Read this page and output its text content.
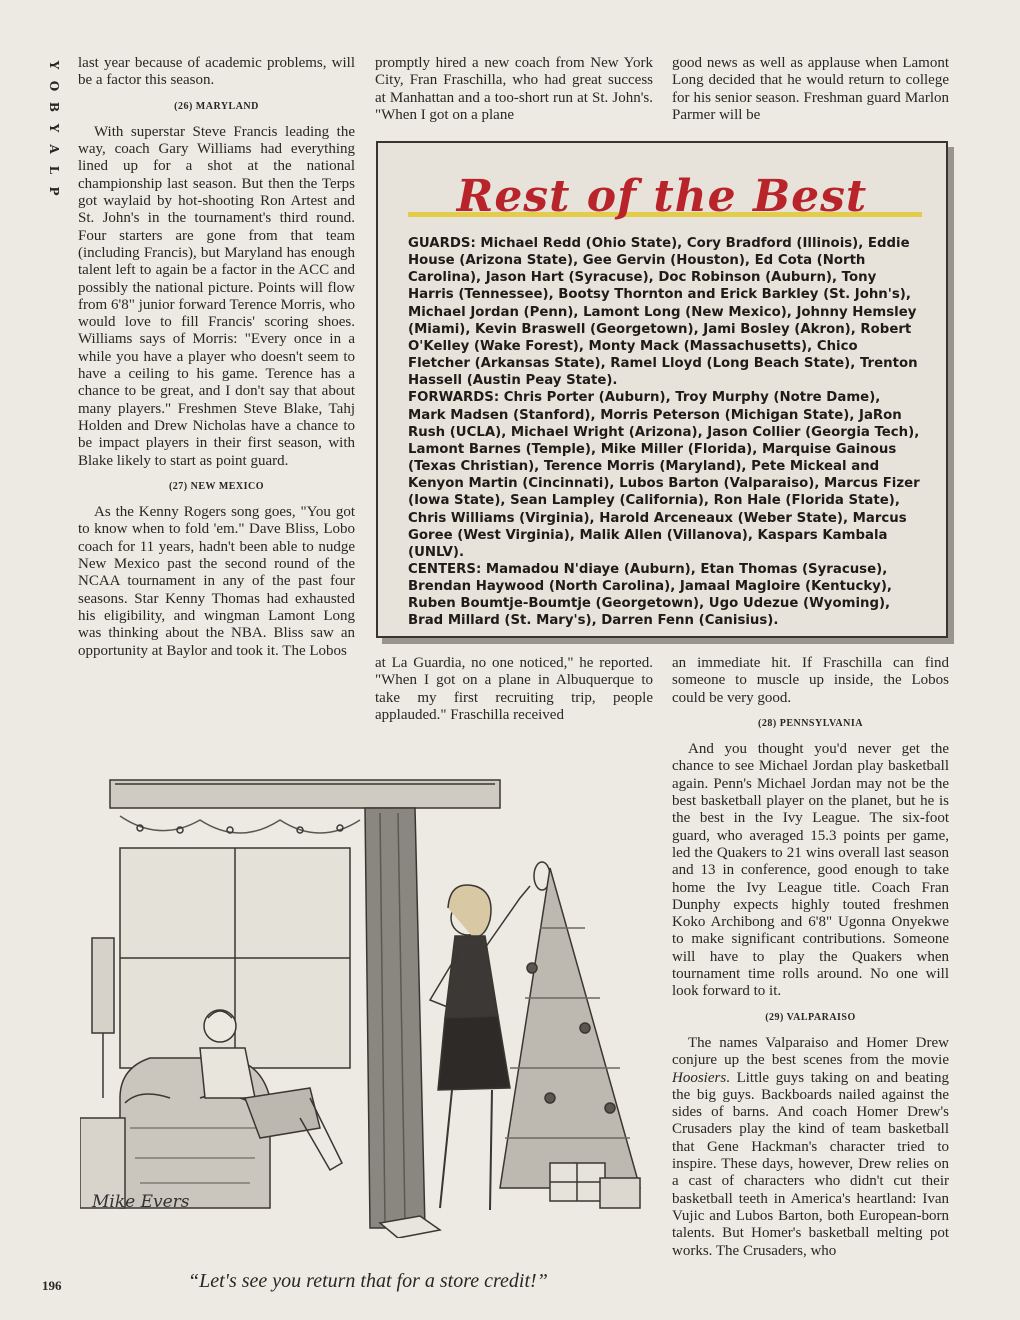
Y
O
B
Y
A
L
P

last year because of academic problems, will be a factor this season.

(26) MARYLAND

With superstar Steve Francis leading the way, coach Gary Williams had everything lined up for a shot at the national championship last season. But then the Terps got waylaid by hot-shooting Ron Artest and St. John's in the tournament's third round. Four starters are gone from that team (including Francis), but Maryland has enough talent left to again be a factor in the ACC and possibly the national picture. Points will flow from 6'8" junior forward Terence Morris, who would love to fill Francis' scoring shoes. Williams says of Morris: "Every once in a while you have a player who doesn't seem to have a ceiling to his game. Terence has a chance to be great, and I don't say that about many players." Freshmen Steve Blake, Tahj Holden and Drew Nicholas have a chance to be impact players in their first season, with Blake likely to start as point guard.

(27) NEW MEXICO

As the Kenny Rogers song goes, "You got to know when to fold 'em." Dave Bliss, Lobo coach for 11 years, hadn't been able to nudge New Mexico past the second round of the NCAA tournament in any of the past four seasons. Star Kenny Thomas had exhausted his eligibility, and wingman Lamont Long was thinking about the NBA. Bliss saw an opportunity at Baylor and took it. The Lobos

promptly hired a new coach from New York City, Fran Fraschilla, who had great success at Manhattan and a too-short run at St. John's. "When I got on a plane

at La Guardia, no one noticed," he reported. "When I got on a plane in Albuquerque to take my first recruiting trip, people applauded." Fraschilla received

good news as well as applause when Lamont Long decided that he would return to college for his senior season. Freshman guard Marlon Parmer will be

an immediate hit. If Fraschilla can find someone to muscle up inside, the Lobos could be very good.

(28) PENNSYLVANIA

And you thought you'd never get the chance to see Michael Jordan play basketball again. Penn's Michael Jordan may not be the best basketball player on the planet, but he is the best in the Ivy League. The six-foot guard, who averaged 15.3 points per game, led the Quakers to 21 wins overall last season and 13 in conference, good enough to take home the Ivy League title. Coach Fran Dunphy expects highly touted freshmen Koko Archibong and 6'8" Ugonna Onyekwe to make significant contributions. Someone will have to play the Quakers when tournament time rolls around. No one will look forward to it.

(29) VALPARAISO

The names Valparaiso and Homer Drew conjure up the best scenes from the movie Hoosiers. Little guys taking on and beating the big guys. Backboards nailed against the sides of barns. And coach Homer Drew's Crusaders play the kind of team basketball that Gene Hackman's character tried to inspire. These days, however, Drew relies on a cast of characters who didn't cut their basketball teeth in America's heartland: Ivan Vujic and Lubos Barton, both European-born talents. But Homer's basketball melting pot works. The Crusaders, who

Rest of the Best

GUARDS: Michael Redd (Ohio State), Cory Bradford (Illinois), Eddie House (Arizona State), Gee Gervin (Houston), Ed Cota (North Carolina), Jason Hart (Syracuse), Doc Robinson (Auburn), Tony Harris (Tennessee), Bootsy Thornton and Erick Barkley (St. John's), Michael Jordan (Penn), Lamont Long (New Mexico), Johnny Hemsley (Miami), Kevin Braswell (Georgetown), Jami Bosley (Akron), Robert O'Kelley (Wake Forest), Monty Mack (Massachusetts), Chico Fletcher (Arkansas State), Ramel Lloyd (Long Beach State), Trenton Hassell (Austin Peay State).

FORWARDS: Chris Porter (Auburn), Troy Murphy (Notre Dame), Mark Madsen (Stanford), Morris Peterson (Michigan State), JaRon Rush (UCLA), Michael Wright (Arizona), Jason Collier (Georgia Tech), Lamont Barnes (Temple), Mike Miller (Florida), Marquise Gainous (Texas Christian), Terence Morris (Maryland), Pete Mickeal and Kenyon Martin (Cincinnati), Lubos Barton (Valparaiso), Marcus Fizer (Iowa State), Sean Lampley (California), Ron Hale (Florida State), Chris Williams (Virginia), Harold Arceneaux (Weber State), Marcus Goree (West Virginia), Malik Allen (Villanova), Kaspars Kambala (UNLV).

CENTERS: Mamadou N'diaye (Auburn), Etan Thomas (Syracuse), Brendan Haywood (North Carolina), Jamaal Magloire (Kentucky), Ruben Boumtje-Boumtje (Georgetown), Ugo Udezue (Wyoming), Brad Millard (St. Mary's), Darren Fenn (Canisius).

Mike Evers
“Let's see you return that for a store credit!”
196
